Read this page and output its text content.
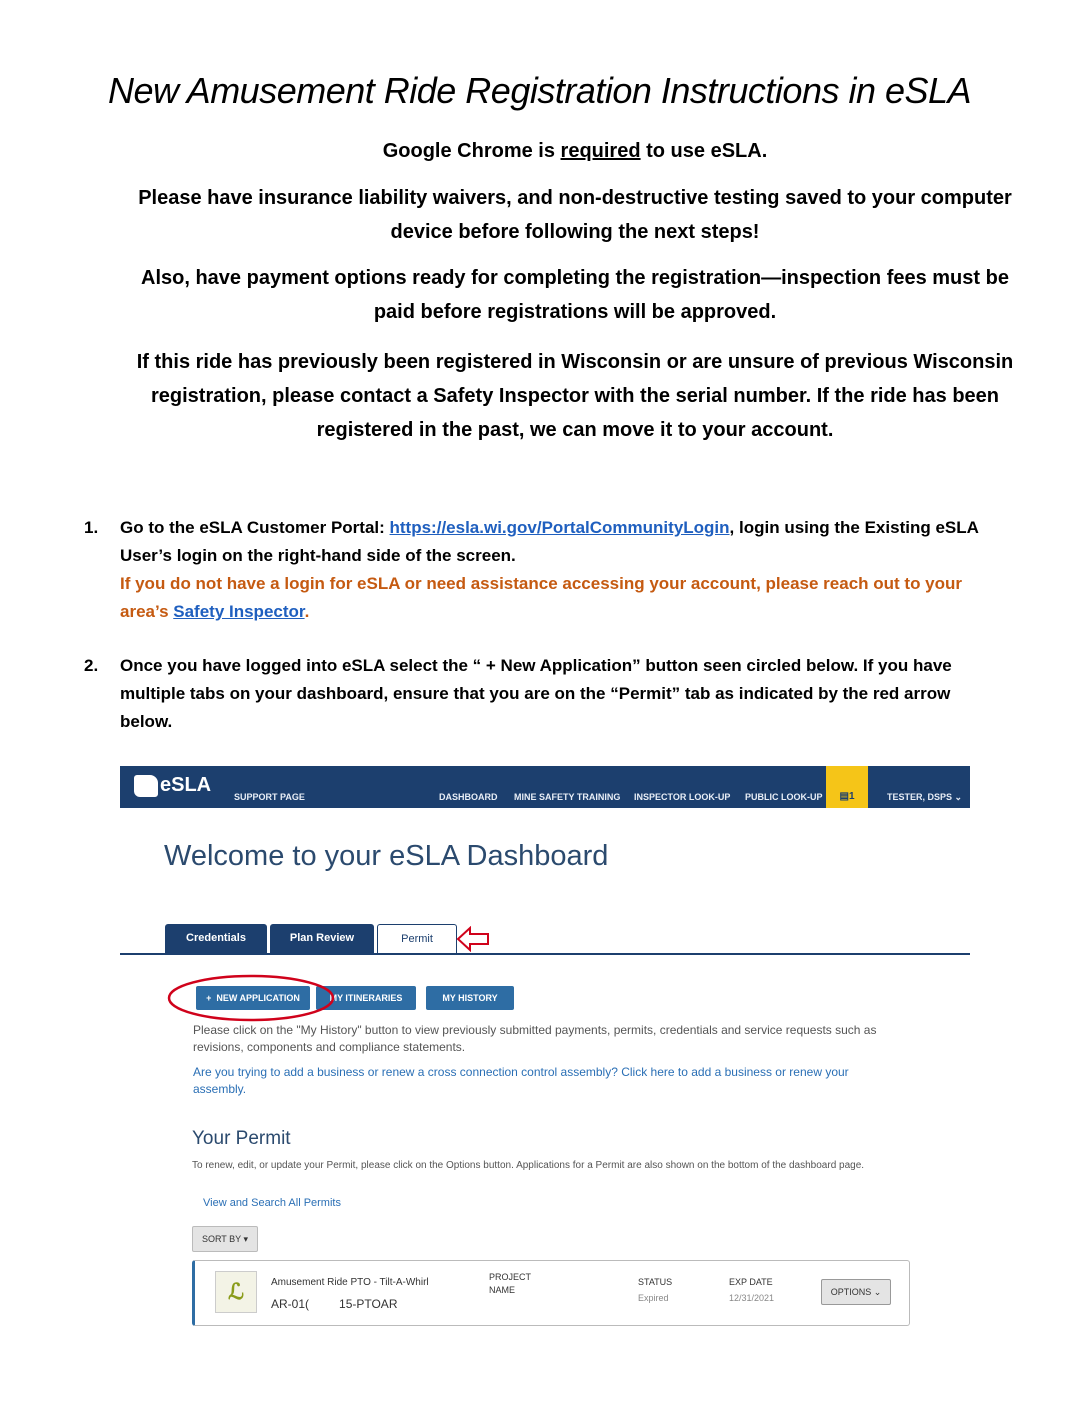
New Amusement Ride Registration Instructions in eSLA
Google Chrome is required to use eSLA.
Please have insurance liability waivers, and non-destructive testing saved to your computer device before following the next steps!
Also, have payment options ready for completing the registration—inspection fees must be paid before registrations will be approved.
If this ride has previously been registered in Wisconsin or are unsure of previous Wisconsin registration, please contact a Safety Inspector with the serial number. If the ride has been registered in the past, we can move it to your account.
1. Go to the eSLA Customer Portal: https://esla.wi.gov/PortalCommunityLogin, login using the Existing eSLA User’s login on the right-hand side of the screen.
If you do not have a login for eSLA or need assistance accessing your account, please reach out to your area’s Safety Inspector.
2. Once you have logged into eSLA select the “ + New Application” button seen circled below. If you have multiple tabs on your dashboard, ensure that you are on the “Permit” tab as indicated by the red arrow below.
eSLA
SUPPORT PAGE	DASHBOARD MINE SAFETY TRAINING INSPECTOR LOOK-UP PUBLIC LOOK-UP	▤1	TESTER, DSPS ⌄
Welcome to your eSLA Dashboard
Credentials	Plan Review	Permit
+ NEW APPLICATION	MY ITINERARIES	MY HISTORY
Please click on the "My History" button to view previously submitted payments, permits, credentials and service requests such as revisions, components and compliance statements.
Are you trying to add a business or renew a cross connection control assembly? Click here to add a business or renew your assembly.
Your Permit
To renew, edit, or update your Permit, please click on the Options button. Applications for a Permit are also shown on the bottom of the dashboard page.
View and Search All Permits
SORT BY ▾
ℒ	Amusement Ride PTO - Tilt-A-Whirl
AR-01(	15-PTOAR
PROJECT NAME
STATUS
Expired
EXP DATE
12/31/2021
OPTIONS ⌄
